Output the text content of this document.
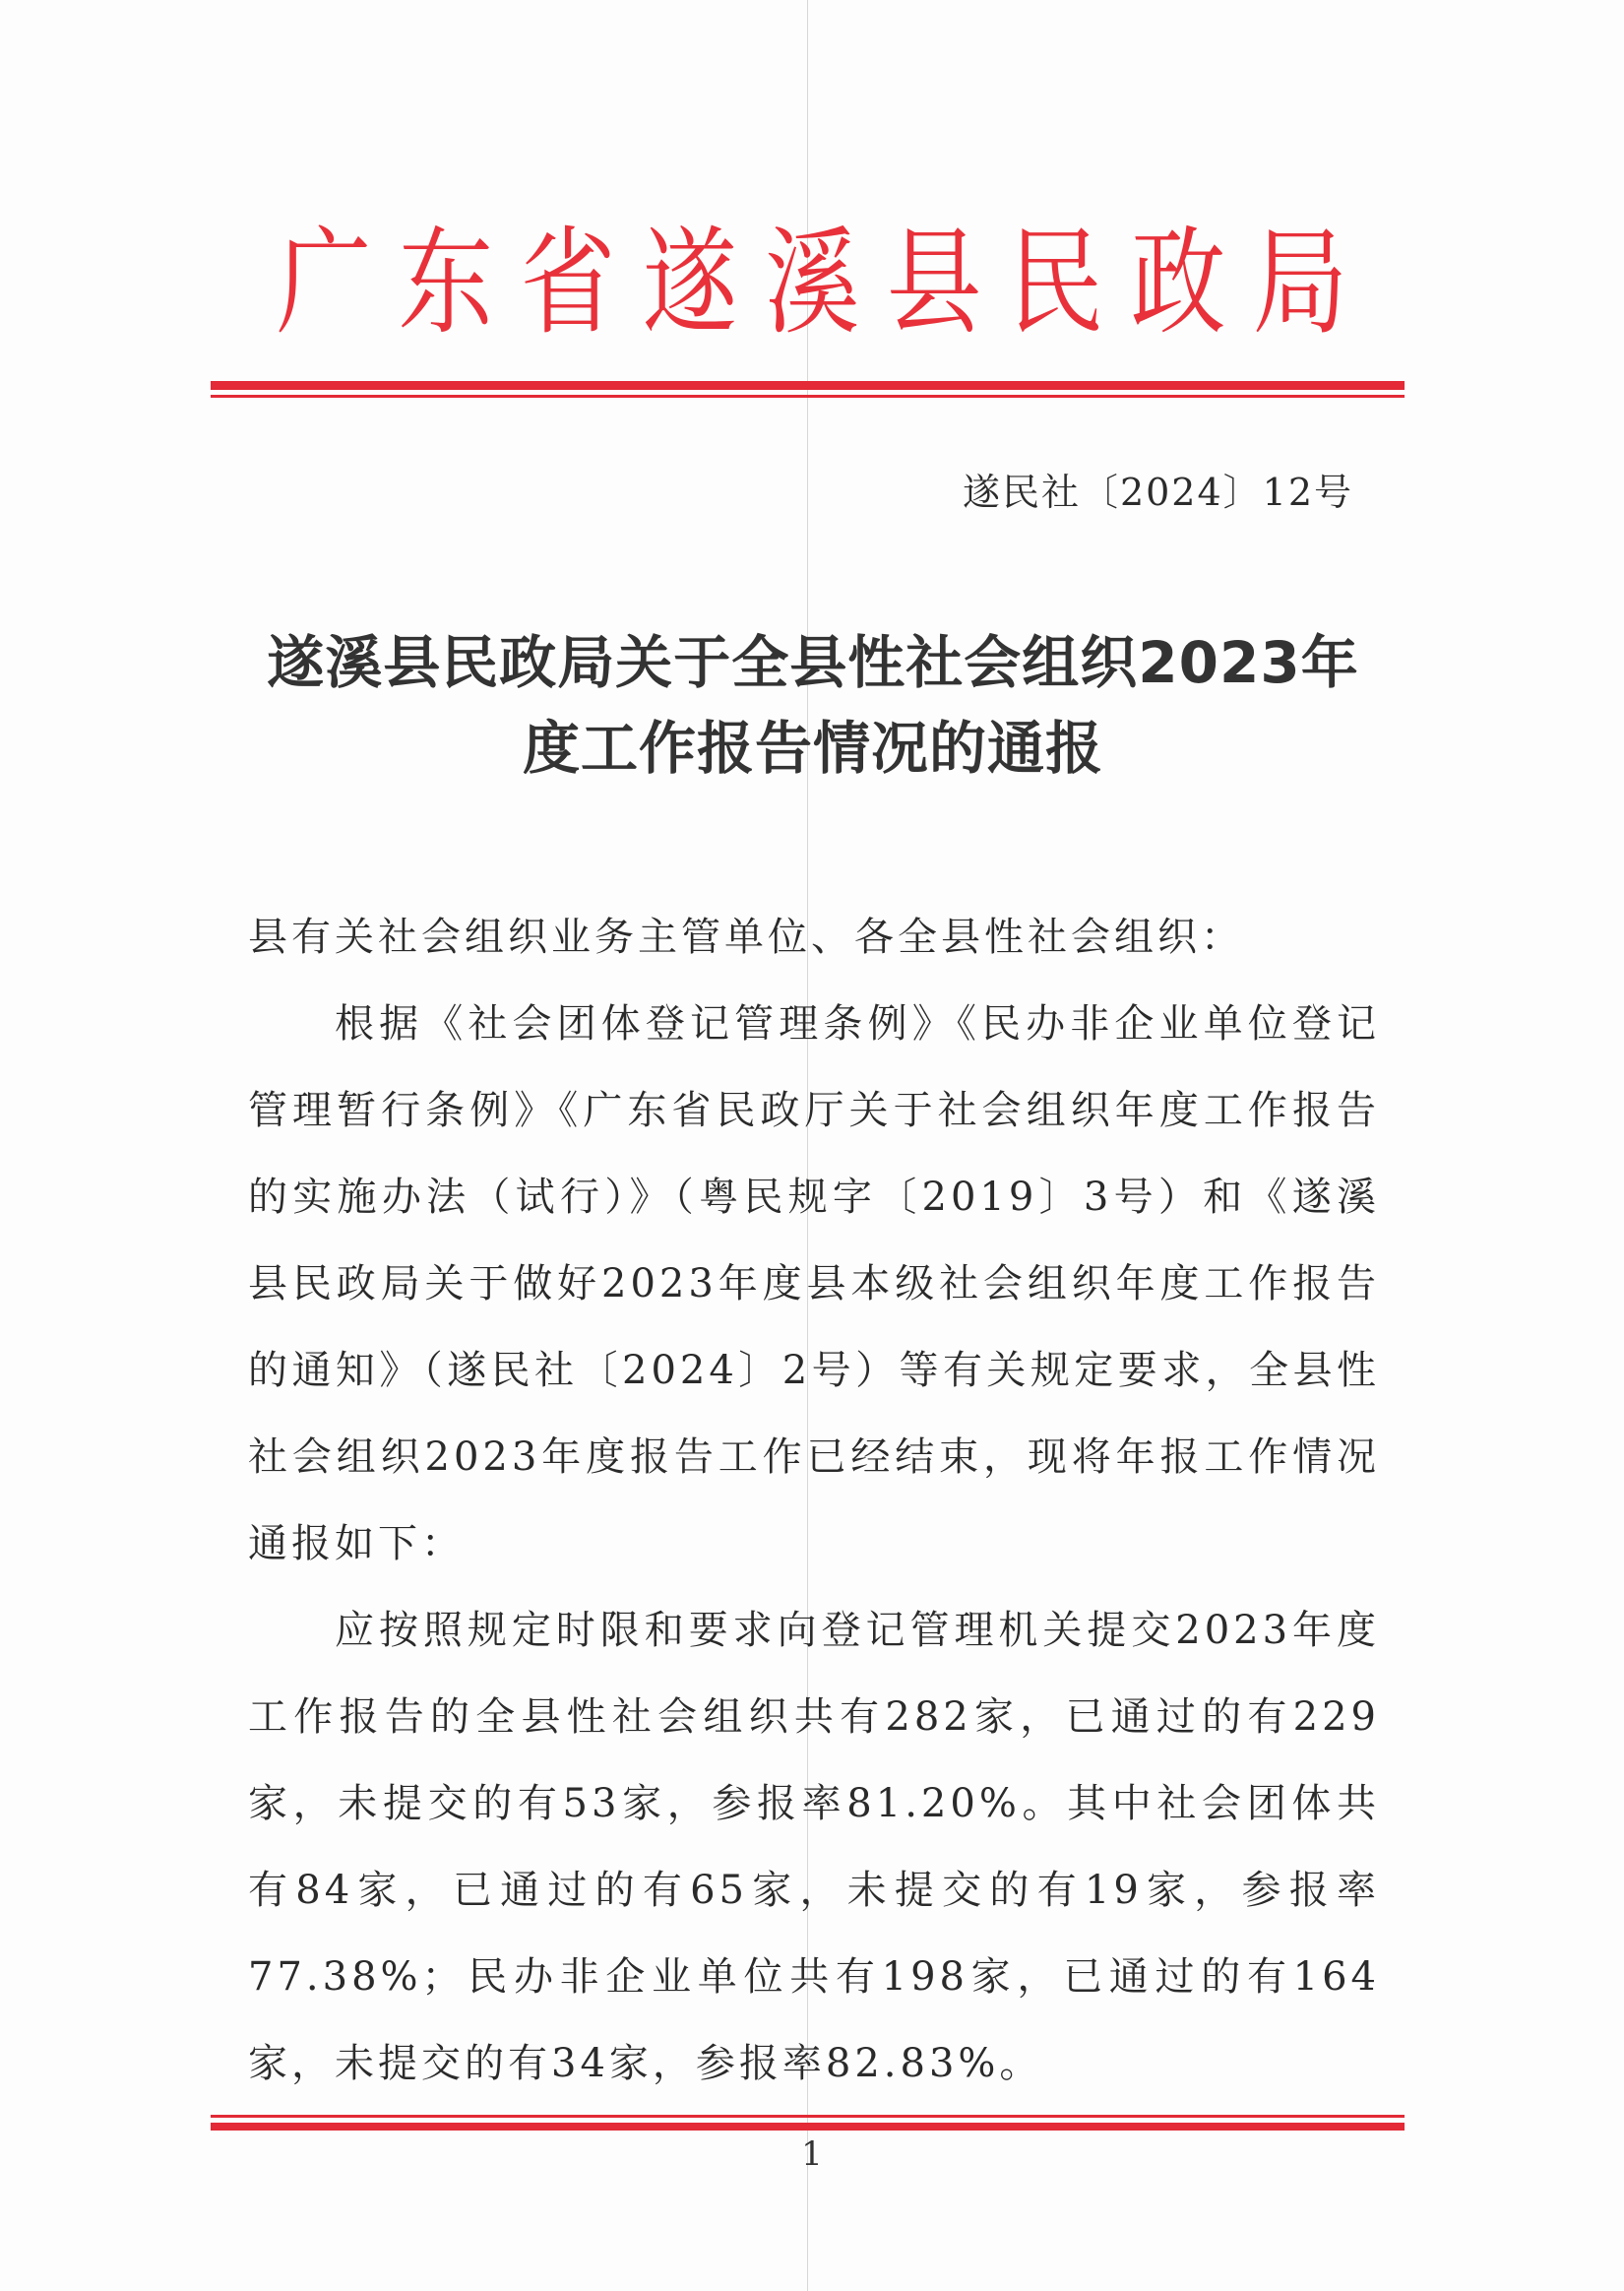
广 东 省 遂 溪 县 民 政 局
遂民社〔2024〕12号
遂溪县民政局关于全县性社会组织2023年度工作报告情况的通报

县有关社会组织业务主管单位、各全县性社会组织：

根据《社会团体登记管理条例》《民办非企业单位登记管理暂行条例》《广东省民政厅关于社会组织年度工作报告的实施办法（试行）》（粤民规字〔2019〕3号）和《遂溪县民政局关于做好2023年度县本级社会组织年度工作报告的通知》（遂民社〔2024〕2号）等有关规定要求，全县性社会组织2023年度报告工作已经结束，现将年报工作情况通报如下：

应按照规定时限和要求向登记管理机关提交2023年度工作报告的全县性社会组织共有282家，已通过的有229家，未提交的有53家，参报率81.20%。其中社会团体共有84家，已通过的有65家，未提交的有19家，参报率77.38%；民办非企业单位共有198家，已通过的有164家，未提交的有34家，参报率82.83%。

1
